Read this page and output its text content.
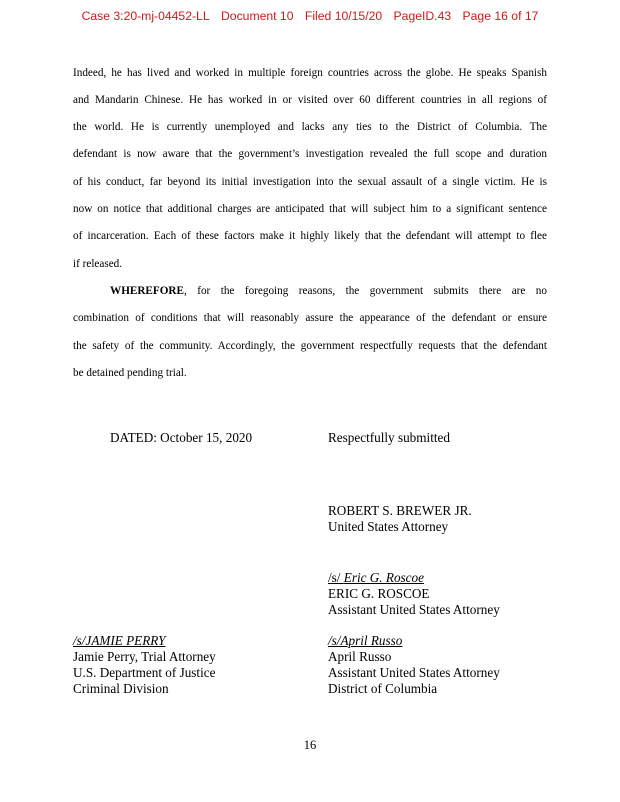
Case 3:20-mj-04452-LL Document 10 Filed 10/15/20 PageID.43 Page 16 of 17
Indeed, he has lived and worked in multiple foreign countries across the globe. He speaks Spanish
and Mandarin Chinese. He has worked in or visited over 60 different countries in all regions of
the world. He is currently unemployed and lacks any ties to the District of Columbia. The
defendant is now aware that the government’s investigation revealed the full scope and duration
of his conduct, far beyond its initial investigation into the sexual assault of a single victim. He is
now on notice that additional charges are anticipated that will subject him to a significant sentence
of incarceration. Each of these factors make it highly likely that the defendant will attempt to flee
if released.
WHEREFORE, for the foregoing reasons, the government submits there are no
combination of conditions that will reasonably assure the appearance of the defendant or ensure
the safety of the community. Accordingly, the government respectfully requests that the defendant
be detained pending trial.
DATED: October 15, 2020	Respectfully submitted
ROBERT S. BREWER JR.
United States Attorney
/s/ Eric G. Roscoe
ERIC G. ROSCOE
Assistant United States Attorney
/s/JAMIE PERRY
Jamie Perry, Trial Attorney
U.S. Department of Justice
Criminal Division
/s/April Russo
April Russo
Assistant United States Attorney
District of Columbia
16
